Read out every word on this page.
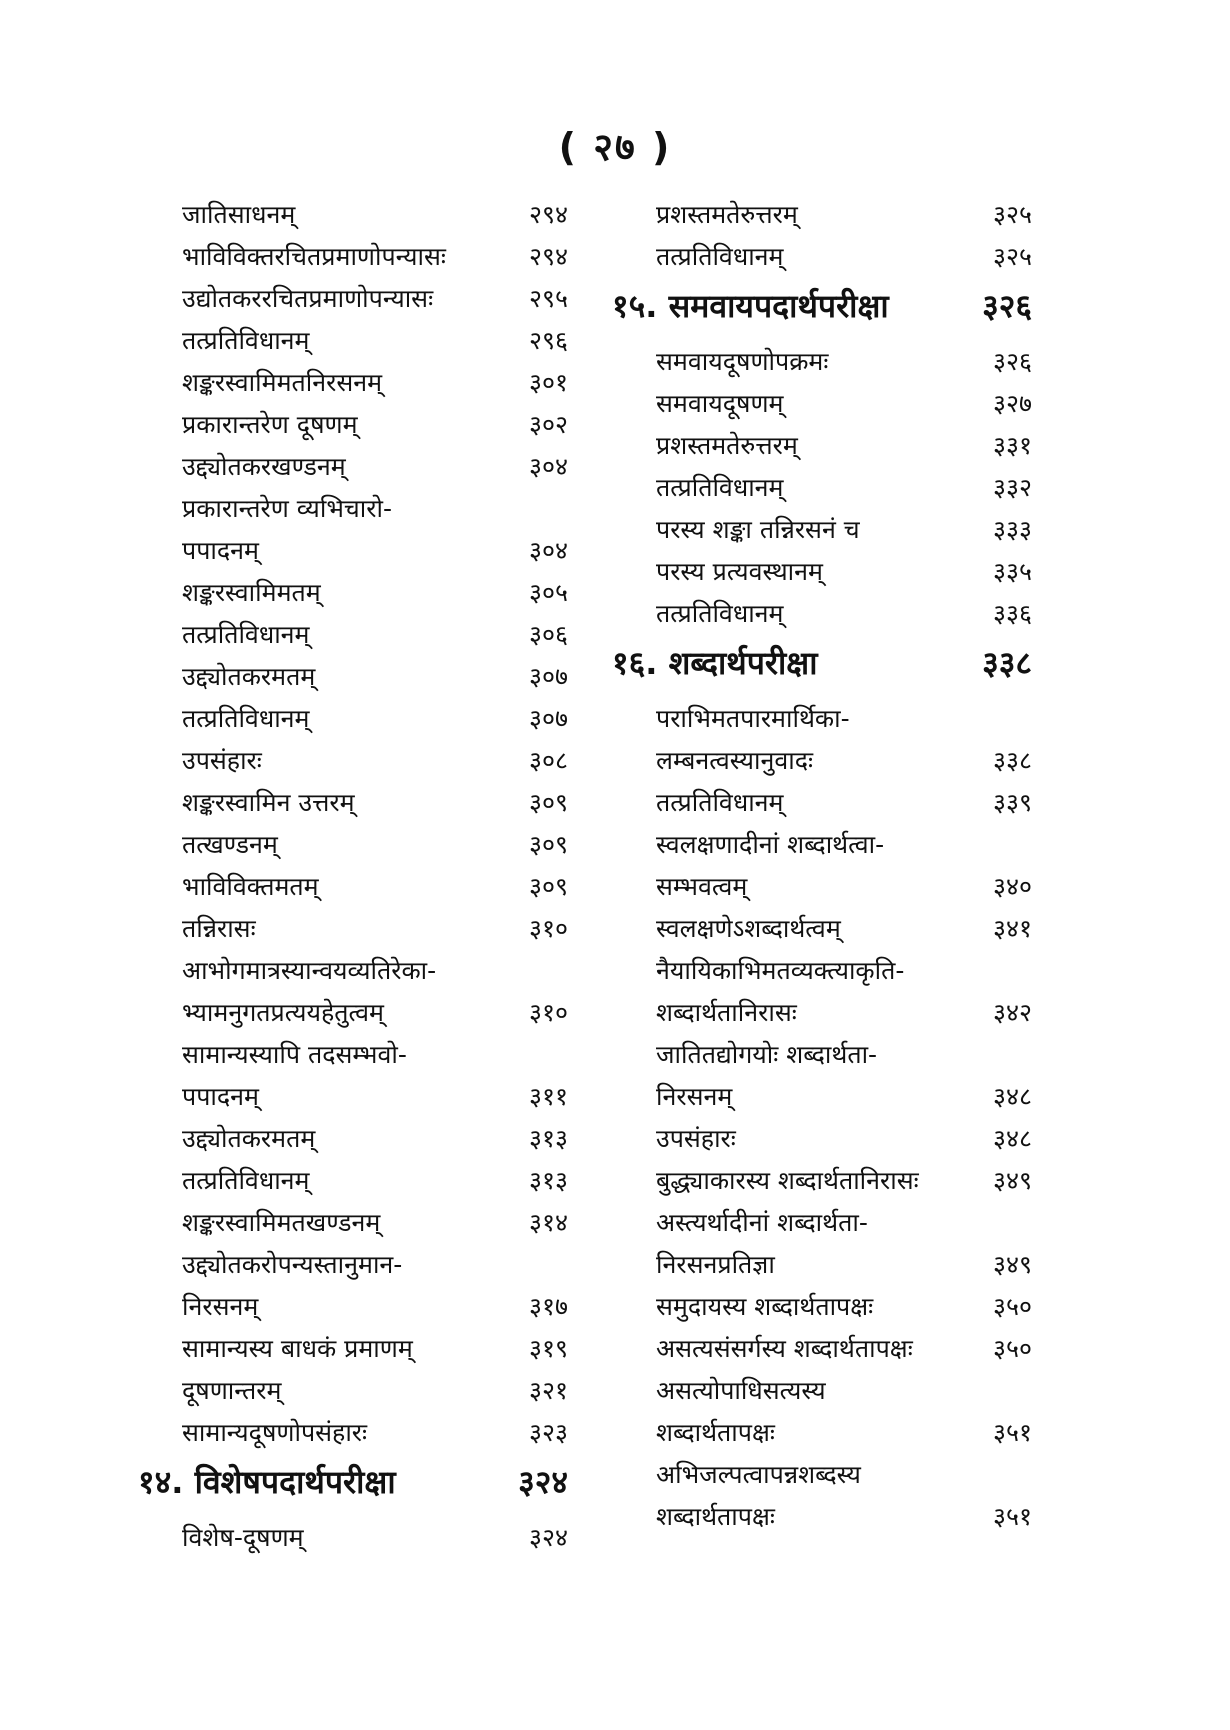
( २७ )
जातिसाधनम्	२९४
भाविविक्तरचितप्रमाणोपन्यासः	२९४
उद्योतकररचितप्रमाणोपन्यासः	२९५
तत्प्रतिविधानम्	२९६
शङ्करस्वामिमतनिरसनम्	३०१
प्रकारान्तरेण दूषणम्	३०२
उद्द्योतकरखण्डनम्	३०४
प्रकारान्तरेण व्यभिचारो-
पपादनम्	३०४
शङ्करस्वामिमतम्	३०५
तत्प्रतिविधानम्	३०६
उद्द्योतकरमतम्	३०७
तत्प्रतिविधानम्	३०७
उपसंहारः	३०८
शङ्करस्वामिन उत्तरम्	३०९
तत्खण्डनम्	३०९
भाविविक्तमतम्	३०९
तन्निरासः	३१०
आभोगमात्रस्यान्वयव्यतिरेका-
भ्यामनुगतप्रत्ययहेतुत्वम्	३१०
सामान्यस्यापि तदसम्भवो-
पपादनम्	३११
उद्द्योतकरमतम्	३१३
तत्प्रतिविधानम्	३१३
शङ्करस्वामिमतखण्डनम्	३१४
उद्द्योतकरोपन्यस्तानुमान-
निरसनम्	३१७
सामान्यस्य बाधकं प्रमाणम्	३१९
दूषणान्तरम्	३२१
सामान्यदूषणोपसंहारः	३२३
१४. विशेषपदार्थपरीक्षा	३२४
विशेष-दूषणम्	३२४
प्रशस्तमतेरुत्तरम्	३२५
तत्प्रतिविधानम्	३२५
१५. समवायपदार्थपरीक्षा	३२६
समवायदूषणोपक्रमः	३२६
समवायदूषणम्	३२७
प्रशस्तमतेरुत्तरम्	३३१
तत्प्रतिविधानम्	३३२
परस्य शङ्का तन्निरसनं च	३३३
परस्य प्रत्यवस्थानम्	३३५
तत्प्रतिविधानम्	३३६
१६. शब्दार्थपरीक्षा	३३८
पराभिमतपारमार्थिका-
लम्बनत्वस्यानुवादः	३३८
तत्प्रतिविधानम्	३३९
स्वलक्षणादीनां शब्दार्थत्वा-
सम्भवत्वम्	३४०
स्वलक्षणेऽशब्दार्थत्वम्	३४१
नैयायिकाभिमतव्यक्त्याकृति-
शब्दार्थतानिरासः	३४२
जातितद्योगयोः शब्दार्थता-
निरसनम्	३४८
उपसंहारः	३४८
बुद्ध्याकारस्य शब्दार्थतानिरासः	३४९
अस्त्यर्थादीनां शब्दार्थता-
निरसनप्रतिज्ञा	३४९
समुदायस्य शब्दार्थतापक्षः	३५०
असत्यसंसर्गस्य शब्दार्थतापक्षः	३५०
असत्योपाधिसत्यस्य
शब्दार्थतापक्षः	३५१
अभिजल्पत्वापन्नशब्दस्य
शब्दार्थतापक्षः	३५१
